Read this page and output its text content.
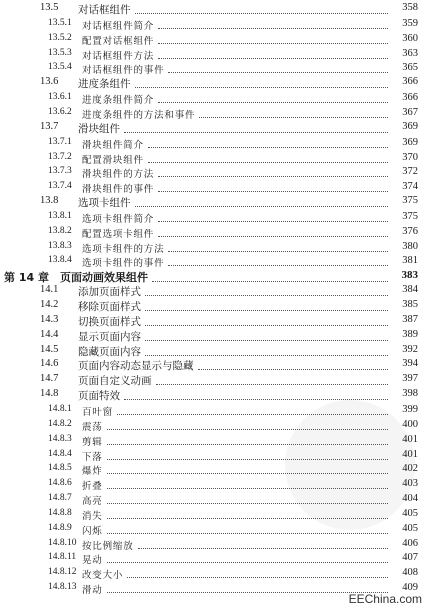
13.5 对话框组件	358
13.5.1 对话框组件简介	359
13.5.2 配置对话框组件	360
13.5.3 对话框组件方法	363
13.5.4 对话框组件的事件	365
13.6 进度条组件	366
13.6.1 进度条组件简介	366
13.6.2 进度条组件的方法和事件	367
13.7 滑块组件	369
13.7.1 滑块组件简介	369
13.7.2 配置滑块组件	370
13.7.3 滑块组件的方法	372
13.7.4 滑块组件的事件	374
13.8 选项卡组件	375
13.8.1 选项卡组件简介	375
13.8.2 配置选项卡组件	376
13.8.3 选项卡组件的方法	380
13.8.4 选项卡组件的事件	381
第 14 章 页面动画效果组件	383
14.1 添加页面样式	384
14.2 移除页面样式	385
14.3 切换页面样式	387
14.4 显示页面内容	389
14.5 隐藏页面内容	392
14.6 页面内容动态显示与隐藏	394
14.7 页面自定义动画	397
14.8 页面特效	398
14.8.1 百叶窗	399
14.8.2 震荡	400
14.8.3 剪辑	401
14.8.4 下落	401
14.8.5 爆炸	402
14.8.6 折叠	403
14.8.7 高亮	404
14.8.8 消失	405
14.8.9 闪烁	405
14.8.10 按比例缩放	406
14.8.11 晃动	407
14.8.12 改变大小	408
14.8.13 滑动	409
EEChina.com
